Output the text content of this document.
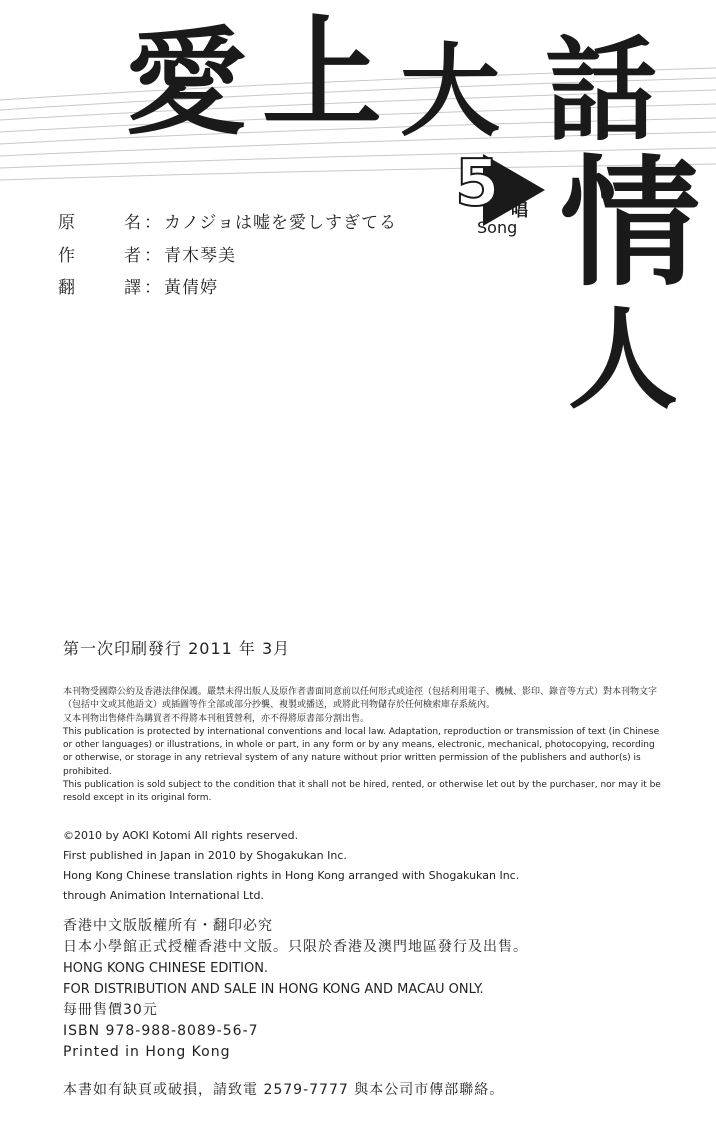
愛 上 大 話
情
人
5 唱
Song
原	名 ： カノジョは嘘を愛しすぎてる
作	者 ： 青木琴美
翻	譯 ： 黃倩婷
第一次印刷發行 2011 年 3月

本刊物受國際公約及香港法律保護。嚴禁未得出版人及原作者書面同意前以任何形式或途徑（包括利用電子、機械、影印、錄音等方式）對本刊物文字（包括中文或其他語文）或插圖等作全部或部分抄襲、複製或播送，或將此刊物儲存於任何檢索庫存系統內。

又本刊物出售條件為購買者不得將本刊租賃營利，亦不得將原書部分割出售。

This publication is protected by international conventions and local law. Adaptation, reproduction or transmission of text (in Chinese or other languages) or illustrations, in whole or part, in any form or by any means, electronic, mechanical, photocopying, recording or otherwise, or storage in any retrieval system of any nature without prior written permission of the publishers and author(s) is prohibited.

This publication is sold subject to the condition that it shall not be hired, rented, or otherwise let out by the purchaser, nor may it be resold except in its original form.

©2010 by AOKI Kotomi All rights reserved.

First published in Japan in 2010 by Shogakukan Inc.

Hong Kong Chinese translation rights in Hong Kong arranged with Shogakukan Inc.

through Animation International Ltd.

香港中文版版權所有・翻印必究

日本小學館正式授權香港中文版。只限於香港及澳門地區發行及出售。

HONG KONG CHINESE EDITION.

FOR DISTRIBUTION AND SALE IN HONG KONG AND MACAU ONLY.

每冊售價30元

ISBN 978-988-8089-56-7

Printed in Hong Kong

本書如有缺頁或破損，請致電 2579-7777 與本公司市傳部聯絡。
